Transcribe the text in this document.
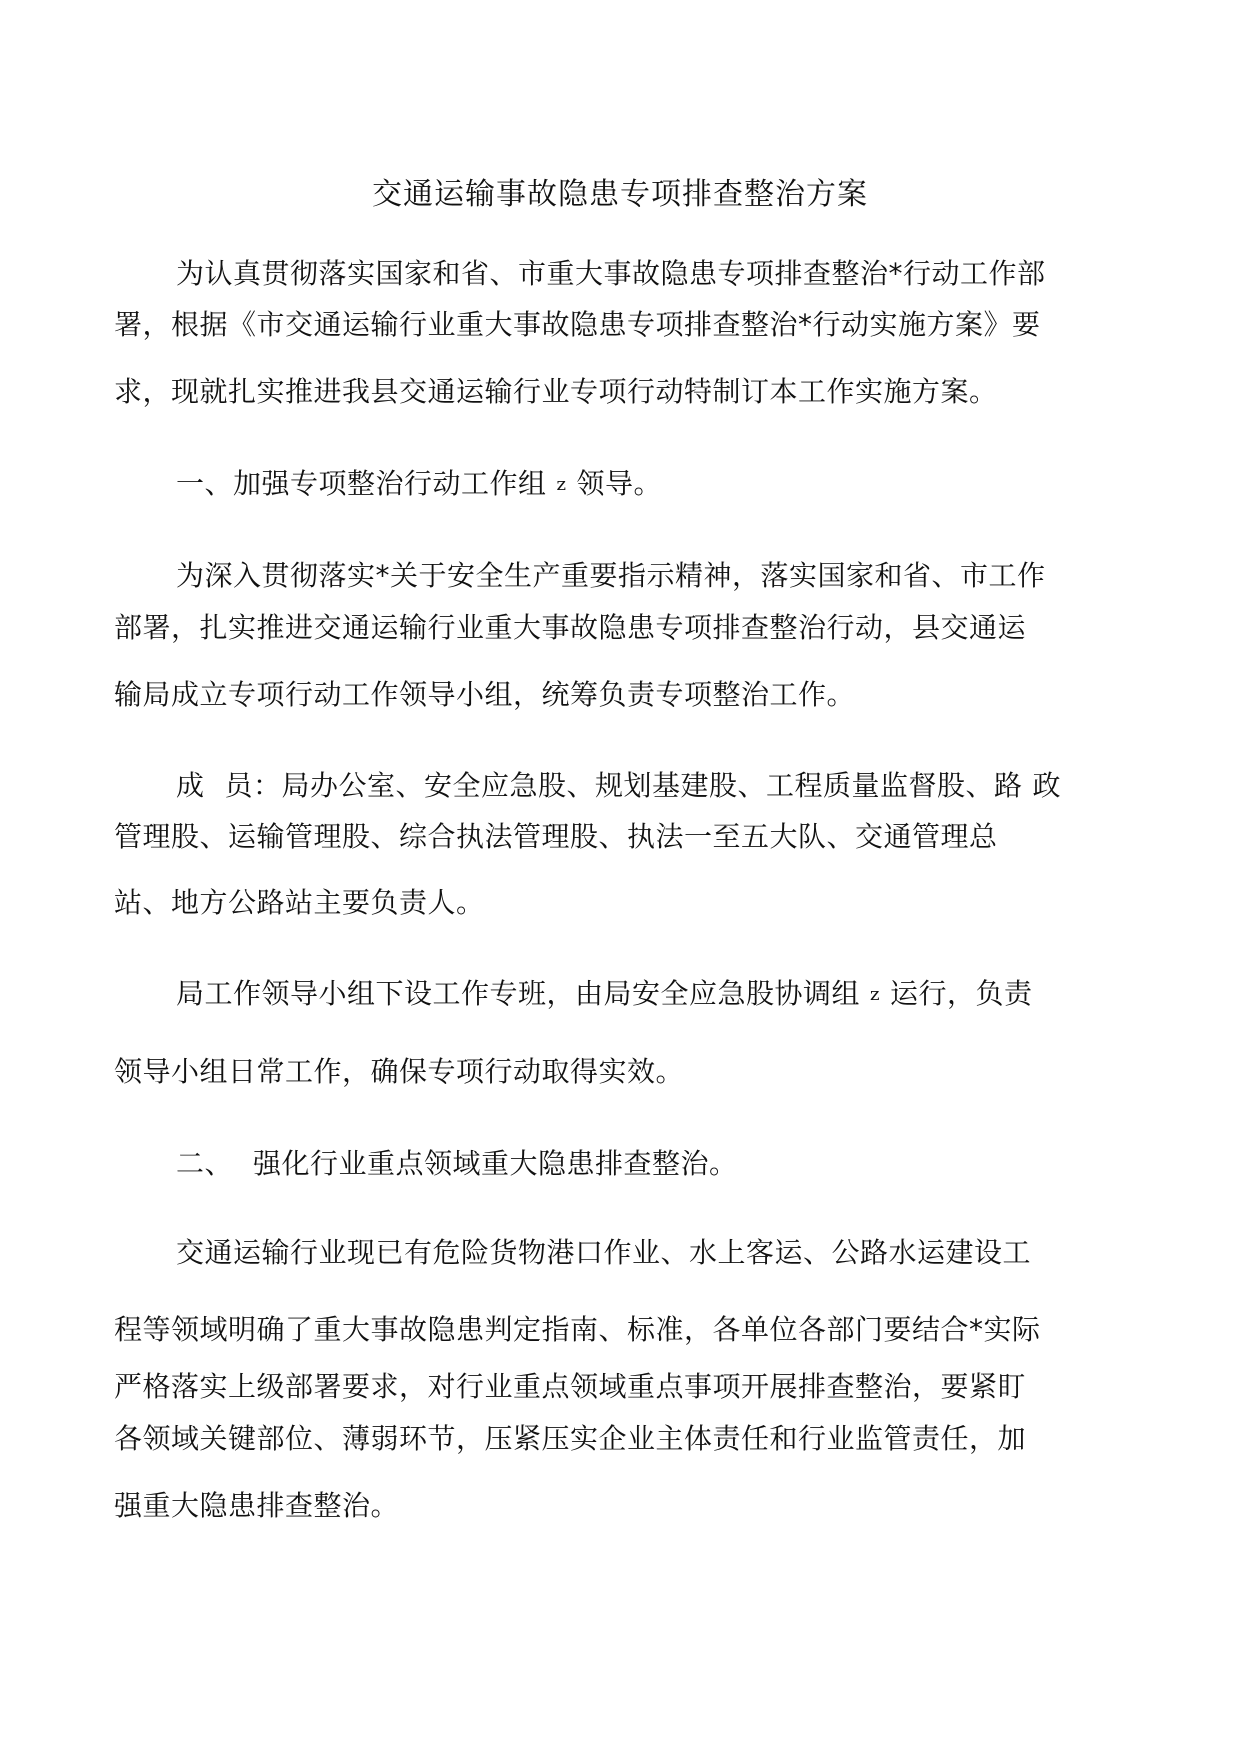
交通运输事故隐患专项排查整治方案
为认真贯彻落实国家和省、市重大事故隐患专项排查整治*行动工作部
署，根据《市交通运输行业重大事故隐患专项排查整治*行动实施方案》要
求，现就扎实推进我县交通运输行业专项行动特制订本工作实施方案。
一、加强专项整治行动工作组 z 领导。
为深入贯彻落实*关于安全生产重要指示精神，落实国家和省、市工作
部署，扎实推进交通运输行业重大事故隐患专项排查整治行动，县交通运
输局成立专项行动工作领导小组，统筹负责专项整治工作。
成 员：局办公室、安全应急股、规划基建股、工程质量监督股、路 政
管理股、运输管理股、综合执法管理股、执法一至五大队、交通管理总
站、地方公路站主要负责人。
局工作领导小组下设工作专班，由局安全应急股协调组 z 运行，负责
领导小组日常工作，确保专项行动取得实效。
二、 强化行业重点领域重大隐患排查整治。
交通运输行业现已有危险货物港口作业、水上客运、公路水运建设工
程等领域明确了重大事故隐患判定指南、标准，各单位各部门要结合*实际
严格落实上级部署要求，对行业重点领域重点事项开展排查整治，要紧盯
各领域关键部位、薄弱环节，压紧压实企业主体责任和行业监管责任，加
强重大隐患排查整治。
